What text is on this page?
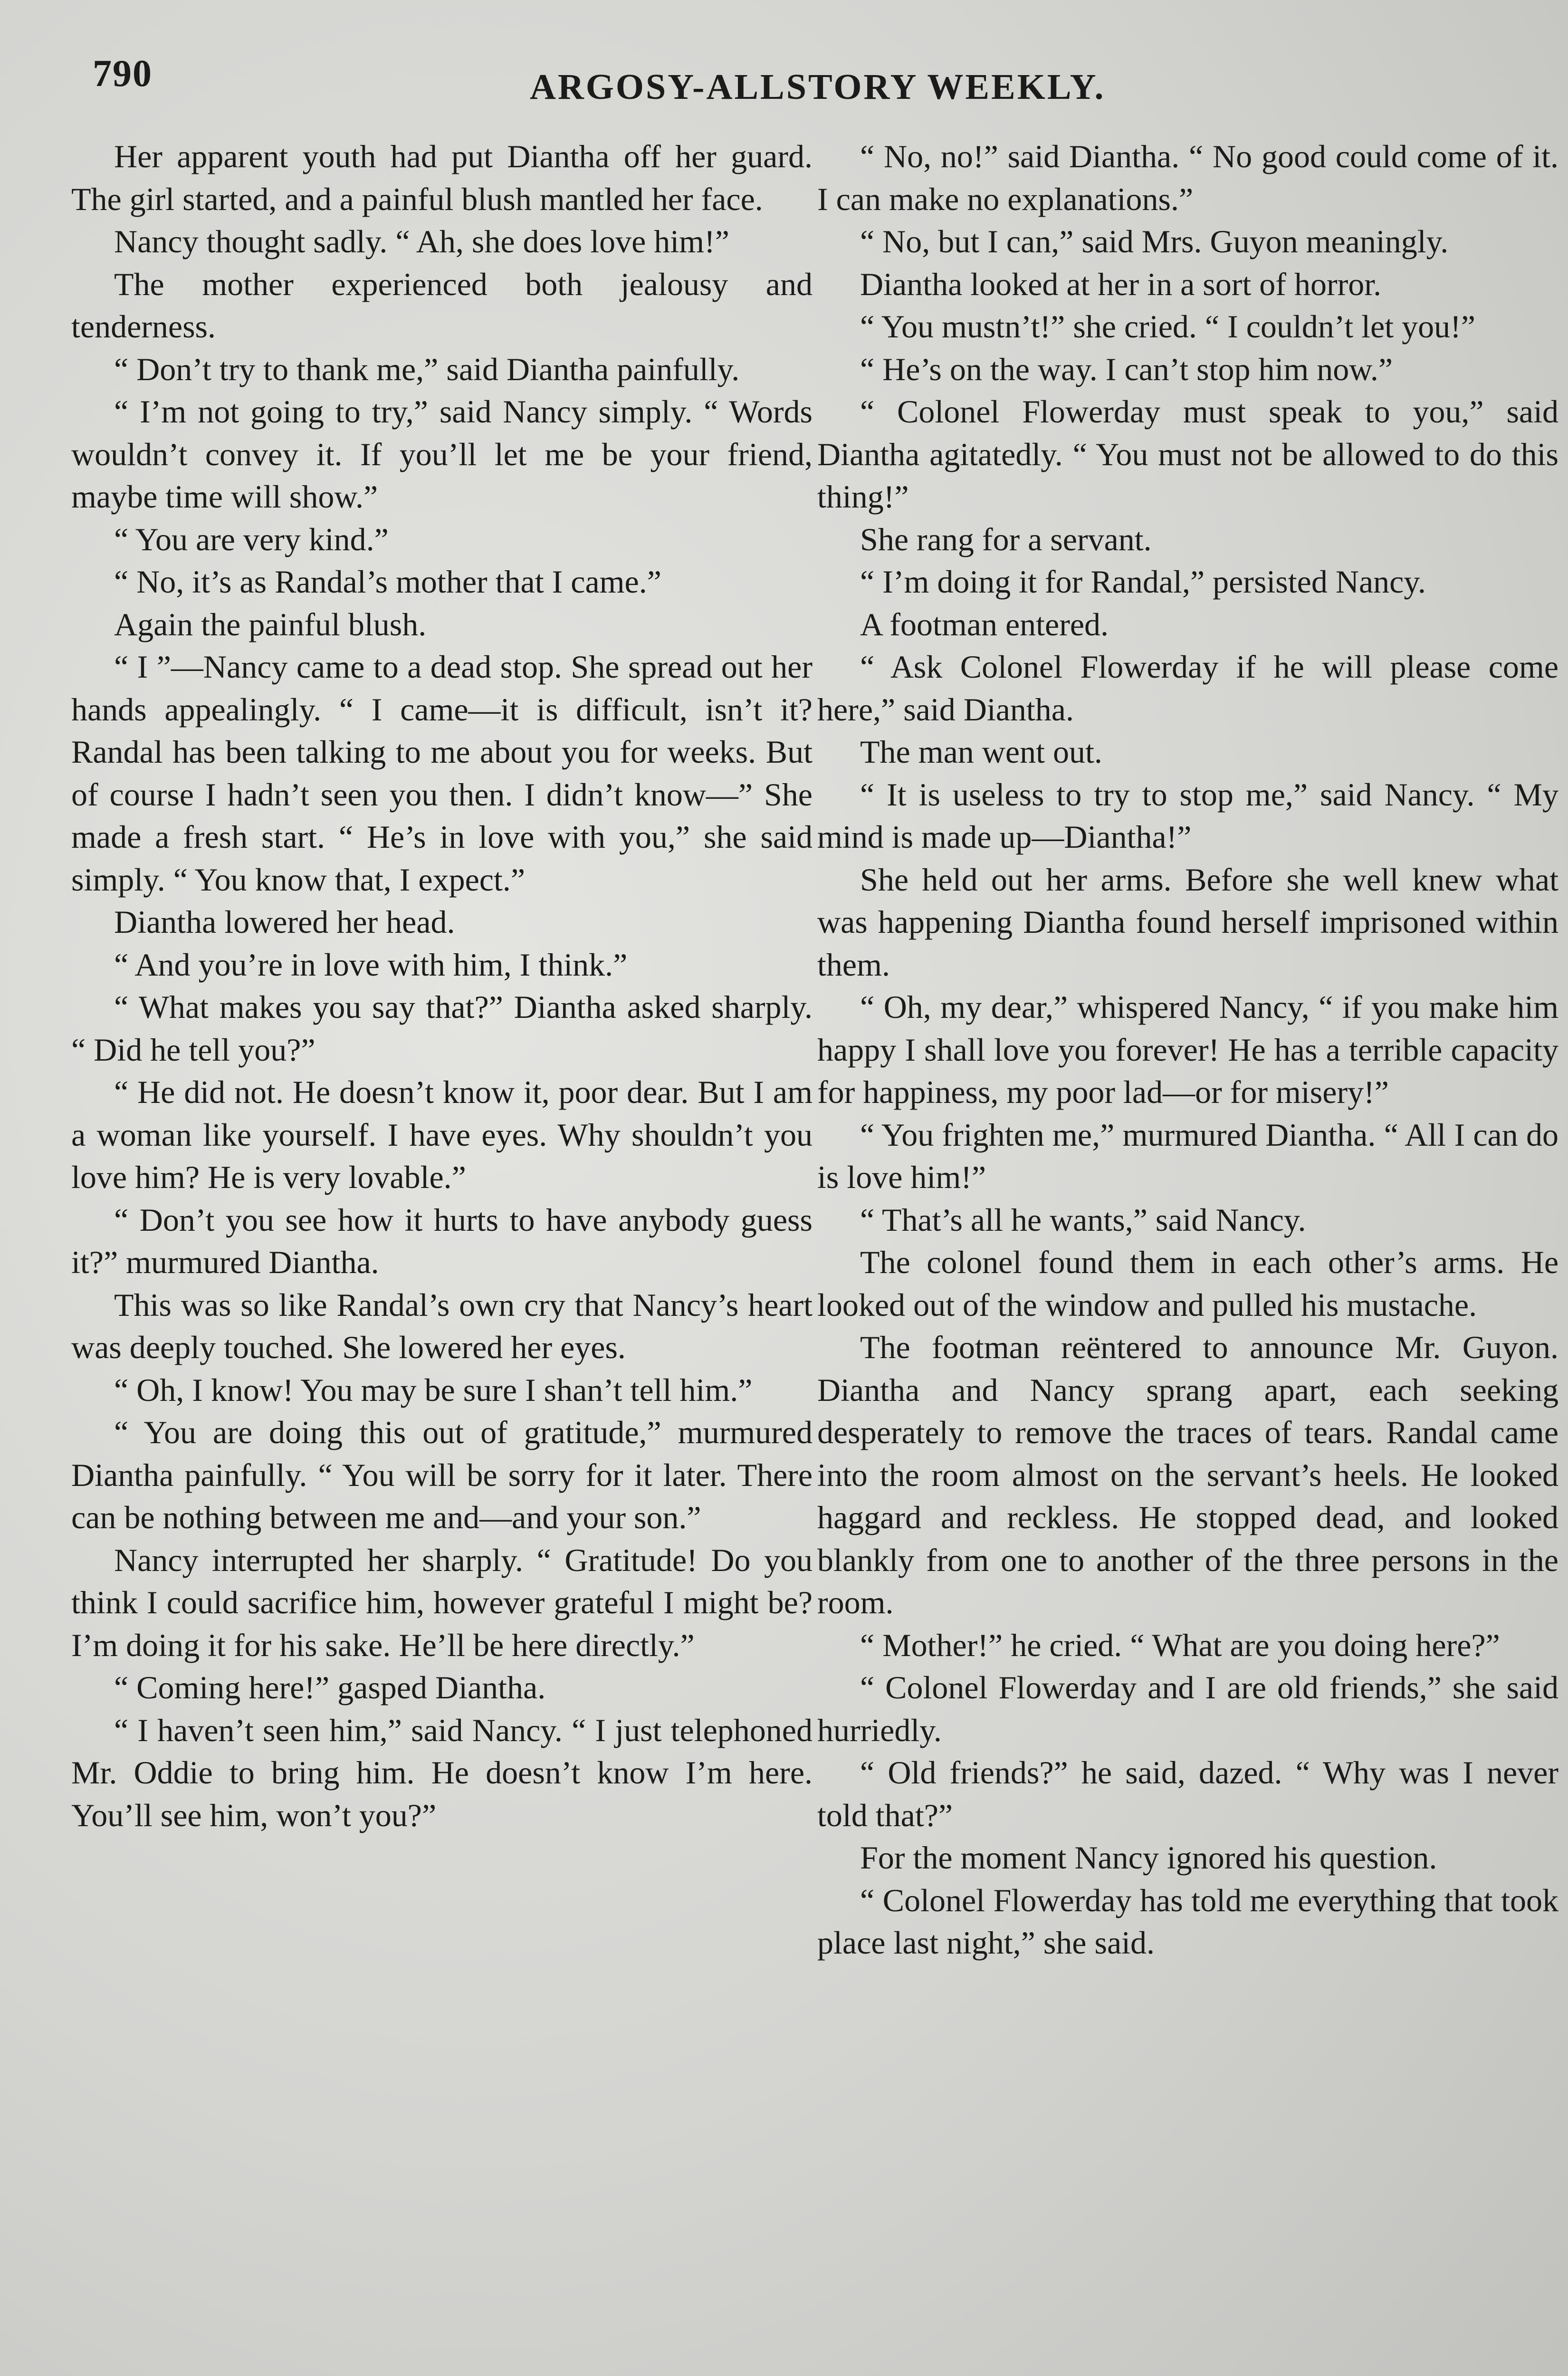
790	ARGOSY-ALLSTORY WEEKLY.

Her apparent youth had put Diantha off her guard. The girl started, and a painful blush mantled her face.

Nancy thought sadly. “ Ah, she does love him!”

The mother experienced both jealousy and tenderness.

“ Don’t try to thank me,” said Diantha painfully.

“ I’m not going to try,” said Nancy simply. “ Words wouldn’t convey it. If you’ll let me be your friend, maybe time will show.”

“ You are very kind.”

“ No, it’s as Randal’s mother that I came.”

Again the painful blush.

“ I ”—Nancy came to a dead stop. She spread out her hands appealingly. “ I came—it is difficult, isn’t it? Randal has been talking to me about you for weeks. But of course I hadn’t seen you then. I didn’t know—” She made a fresh start. “ He’s in love with you,” she said simply. “ You know that, I expect.”

Diantha lowered her head.

“ And you’re in love with him, I think.”

“ What makes you say that?” Diantha asked sharply. “ Did he tell you?”

“ He did not. He doesn’t know it, poor dear. But I am a woman like yourself. I have eyes. Why shouldn’t you love him? He is very lovable.”

“ Don’t you see how it hurts to have anybody guess it?” murmured Diantha.

This was so like Randal’s own cry that Nancy’s heart was deeply touched. She lowered her eyes.

“ Oh, I know! You may be sure I shan’t tell him.”

“ You are doing this out of gratitude,” murmured Diantha painfully. “ You will be sorry for it later. There can be nothing between me and—and your son.”

Nancy interrupted her sharply. “ Gratitude! Do you think I could sacrifice him, however grateful I might be? I’m doing it for his sake. He’ll be here directly.”

“ Coming here!” gasped Diantha.

“ I haven’t seen him,” said Nancy. “ I just telephoned Mr. Oddie to bring him. He doesn’t know I’m here. You’ll see him, won’t you?”

“ No, no!” said Diantha. “ No good could come of it. I can make no explanations.”

“ No, but I can,” said Mrs. Guyon meaningly.

Diantha looked at her in a sort of horror.

“ You mustn’t!” she cried. “ I couldn’t let you!”

“ He’s on the way. I can’t stop him now.”

“ Colonel Flowerday must speak to you,” said Diantha agitatedly. “ You must not be allowed to do this thing!”

She rang for a servant.

“ I’m doing it for Randal,” persisted Nancy.

A footman entered.

“ Ask Colonel Flowerday if he will please come here,” said Diantha.

The man went out.

“ It is useless to try to stop me,” said Nancy. “ My mind is made up—Diantha!”

She held out her arms. Before she well knew what was happening Diantha found herself imprisoned within them.

“ Oh, my dear,” whispered Nancy, “ if you make him happy I shall love you forever! He has a terrible capacity for happiness, my poor lad—or for misery!”

“ You frighten me,” murmured Diantha. “ All I can do is love him!”

“ That’s all he wants,” said Nancy.

The colonel found them in each other’s arms. He looked out of the window and pulled his mustache.

The footman reëntered to announce Mr. Guyon. Diantha and Nancy sprang apart, each seeking desperately to remove the traces of tears. Randal came into the room almost on the servant’s heels. He looked haggard and reckless. He stopped dead, and looked blankly from one to another of the three persons in the room.

“ Mother!” he cried. “ What are you doing here?”

“ Colonel Flowerday and I are old friends,” she said hurriedly.

“ Old friends?” he said, dazed. “ Why was I never told that?”

For the moment Nancy ignored his question.

“ Colonel Flowerday has told me everything that took place last night,” she said.
